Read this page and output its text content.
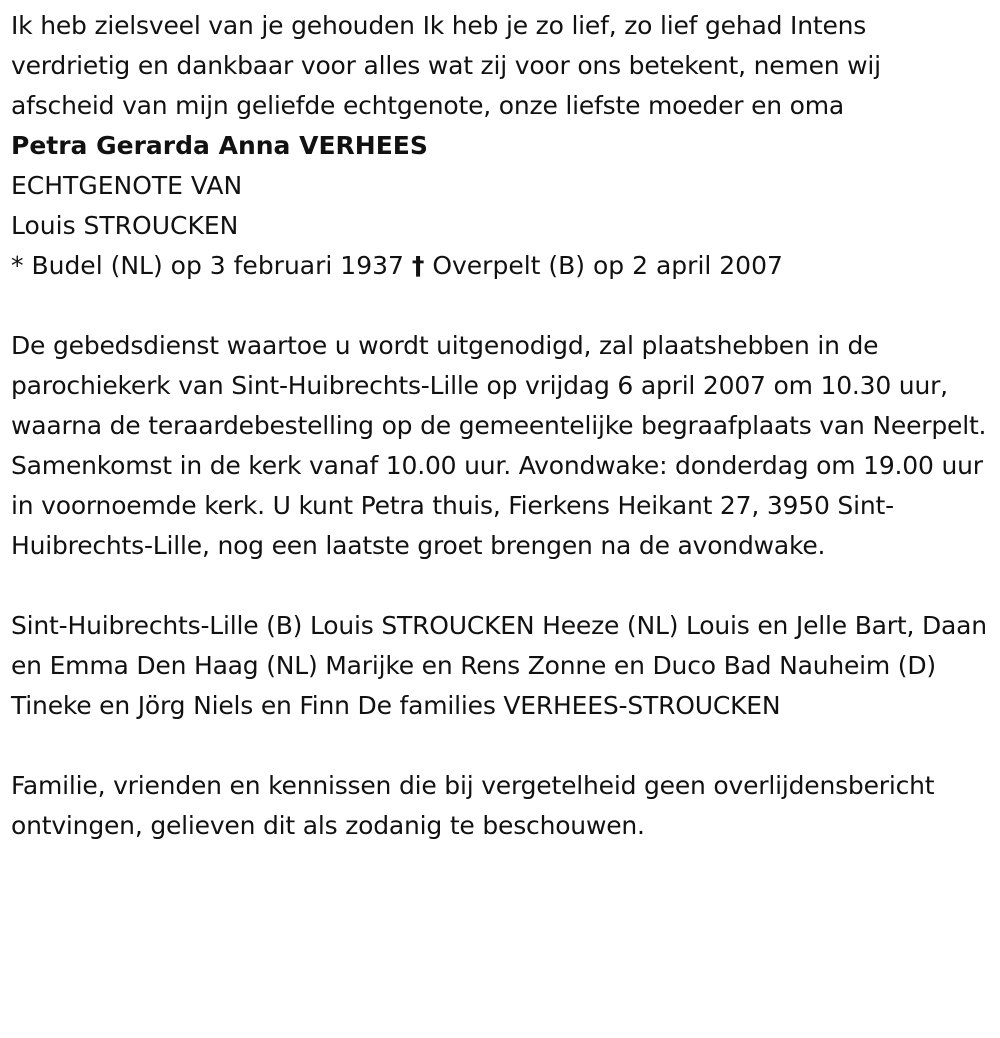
Ik heb zielsveel van je gehouden Ik heb je zo lief, zo lief gehad Intens verdrietig en dankbaar voor alles wat zij voor ons betekent, nemen wij afscheid van mijn geliefde echtgenote, onze liefste moeder en oma

Petra Gerarda Anna VERHEES

ECHTGENOTE VAN

Louis STROUCKEN

* Budel (NL) op 3 februari 1937 † Overpelt (B) op 2 april 2007

De gebedsdienst waartoe u wordt uitgenodigd, zal plaatshebben in de parochiekerk van Sint-Huibrechts-Lille op vrijdag 6 april 2007 om 10.30 uur, waarna de teraardebestelling op de gemeentelijke begraafplaats van Neerpelt. Samenkomst in de kerk vanaf 10.00 uur. Avondwake: donderdag om 19.00 uur in voornoemde kerk. U kunt Petra thuis, Fierkens Heikant 27, 3950 Sint-Huibrechts-Lille, nog een laatste groet brengen na de avondwake.

Sint-Huibrechts-Lille (B) Louis STROUCKEN Heeze (NL) Louis en Jelle Bart, Daan en Emma Den Haag (NL) Marijke en Rens Zonne en Duco Bad Nauheim (D) Tineke en Jörg Niels en Finn De families VERHEES-STROUCKEN

Familie, vrienden en kennissen die bij vergetelheid geen overlijdensbericht ontvingen, gelieven dit als zodanig te beschouwen.
